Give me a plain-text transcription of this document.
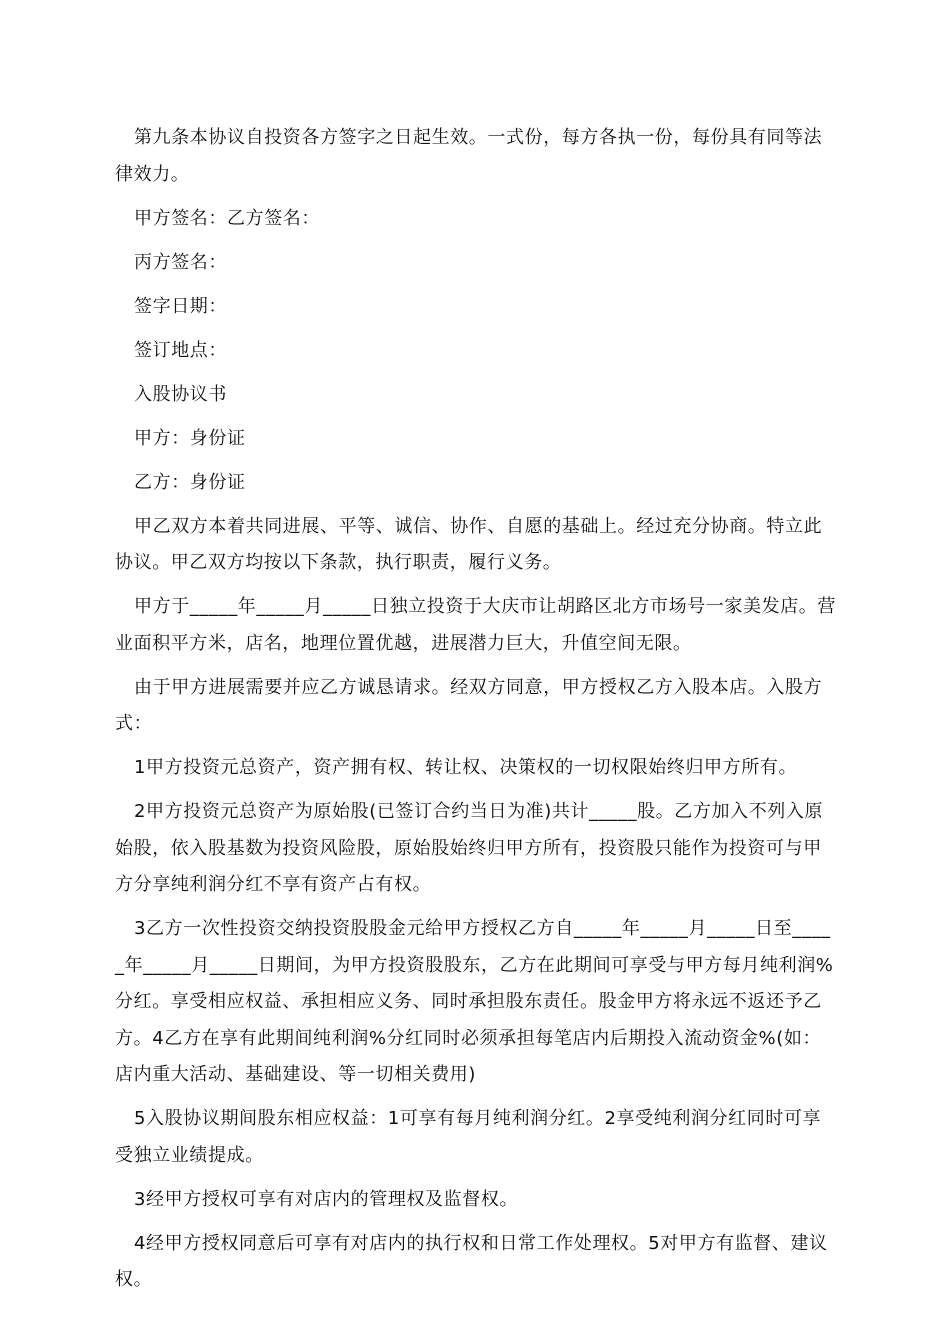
第九条本协议自投资各方签字之日起生效。一式份，每方各执一份，每份具有同等法律效力。

甲方签名：乙方签名：

丙方签名：

签字日期：

签订地点：

入股协议书

甲方：身份证

乙方：身份证

甲乙双方本着共同进展、平等、诚信、协作、自愿的基础上。经过充分协商。特立此协议。甲乙双方均按以下条款，执行职责，履行义务。

甲方于_____年_____月_____日独立投资于大庆市让胡路区北方市场号一家美发店。营业面积平方米，店名，地理位置优越，进展潜力巨大，升值空间无限。

由于甲方进展需要并应乙方诚恳请求。经双方同意，甲方授权乙方入股本店。入股方式：

1甲方投资元总资产，资产拥有权、转让权、决策权的一切权限始终归甲方所有。

2甲方投资元总资产为原始股(已签订合约当日为准)共计_____股。乙方加入不列入原始股，依入股基数为投资风险股，原始股始终归甲方所有，投资股只能作为投资可与甲方分享纯利润分红不享有资产占有权。

3乙方一次性投资交纳投资股股金元给甲方授权乙方自_____年_____月_____日至_____年_____月_____日期间，为甲方投资股股东，乙方在此期间可享受与甲方每月纯利润%分红。享受相应权益、承担相应义务、同时承担股东责任。股金甲方将永远不返还予乙方。4乙方在享有此期间纯利润%分红同时必须承担每笔店内后期投入流动资金%(如：店内重大活动、基础建设、等一切相关费用)

5入股协议期间股东相应权益：1可享有每月纯利润分红。2享受纯利润分红同时可享受独立业绩提成。

3经甲方授权可享有对店内的管理权及监督权。

4经甲方授权同意后可享有对店内的执行权和日常工作处理权。5对甲方有监督、建议权。
